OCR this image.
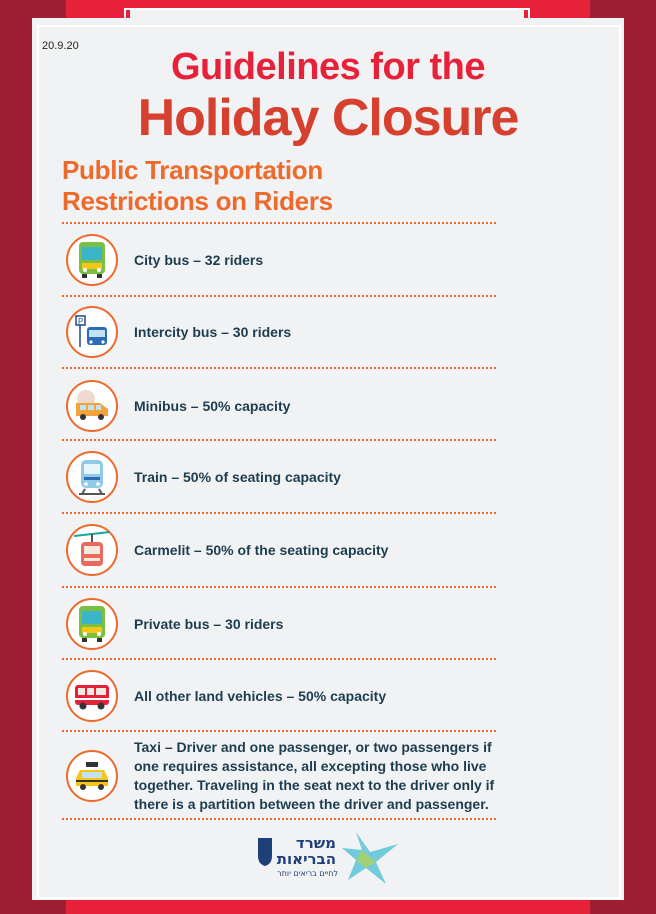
20.9.20	Guidelines for the
Holiday Closure
Public Transportation
Restrictions on Riders
City bus – 32 riders
P
Intercity bus – 30 riders
Minibus – 50% capacity
Train – 50% of seating capacity
Carmelit – 50% of the seating capacity
Private bus – 30 riders
All other land vehicles – 50% capacity
Taxi – Driver and one passenger, or two passengers if one requires assistance, all excepting those who live together. Traveling in the seat next to the driver only if there is a partition between the driver and passenger.
משרד
הבריאות
לחיים בריאים יותר
